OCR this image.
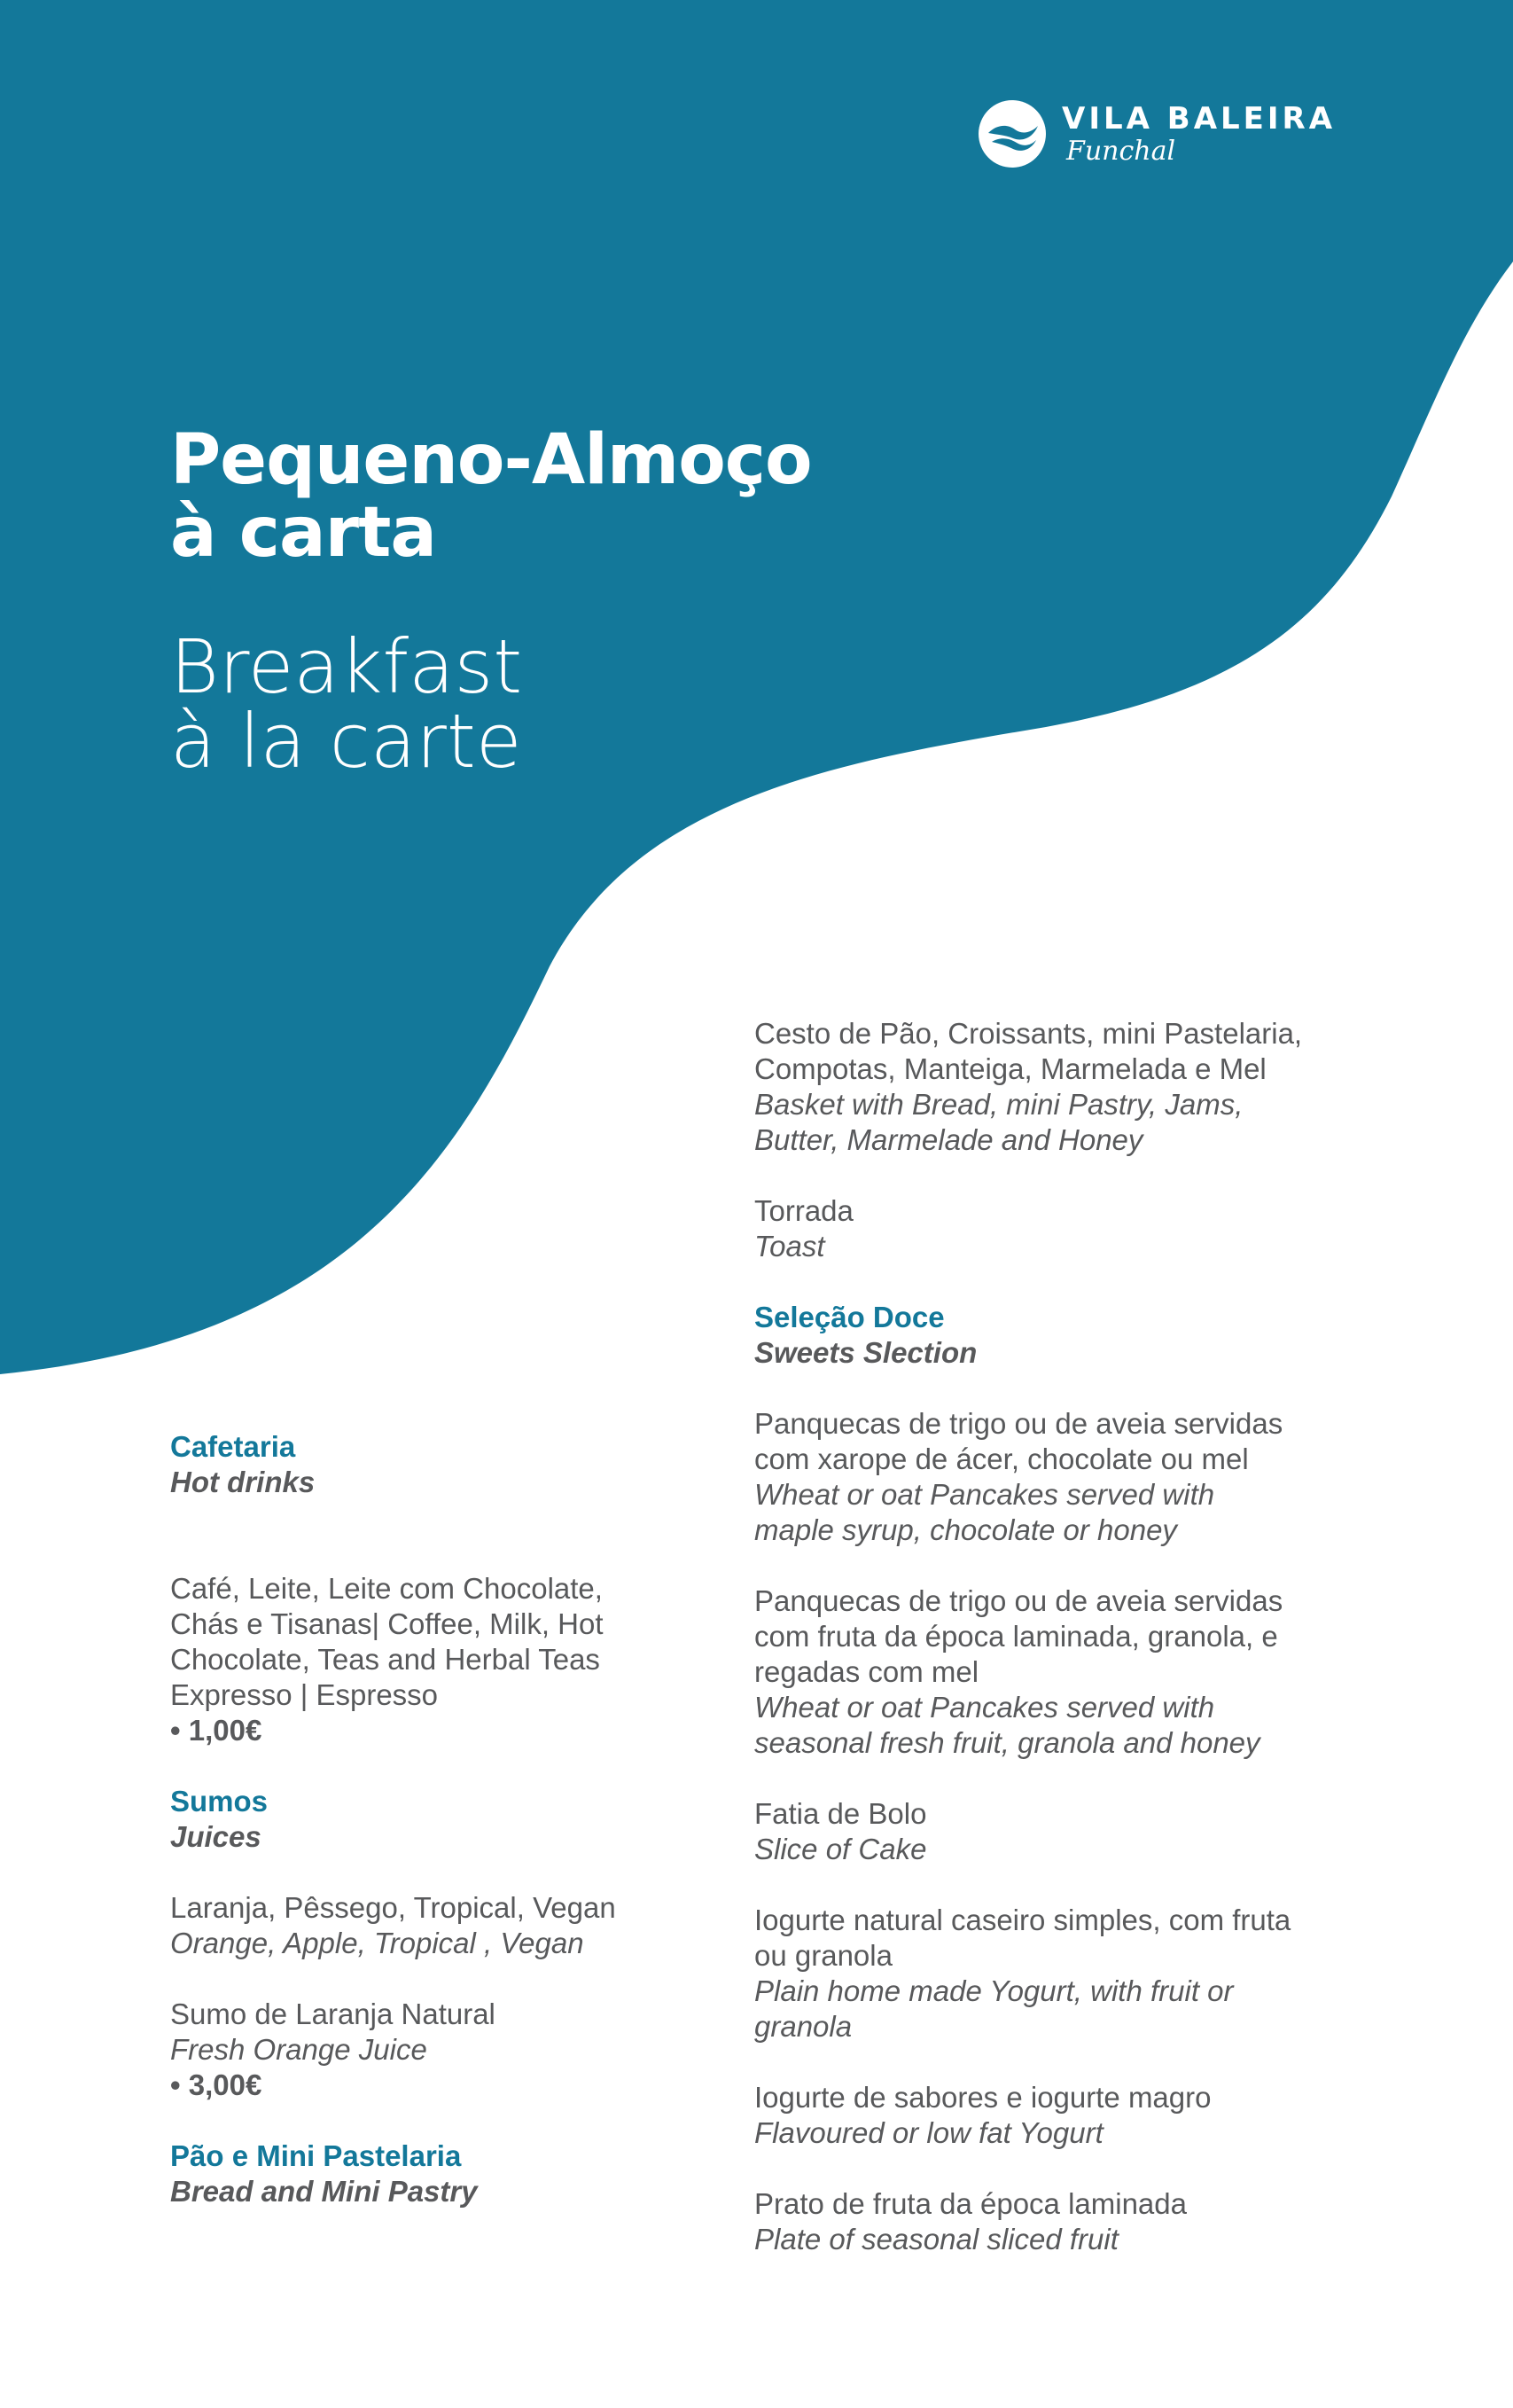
VILA BALEIRA
Funchal
Pequeno-Almoço
à carta
Breakfast
à la carte
Cafetaria
Hot drinks
Café, Leite, Leite com Chocolate,
Chás e Tisanas| Coffee, Milk, Hot
Chocolate, Teas and Herbal Teas
Expresso | Espresso
• 1,00€
Sumos
Juices
Laranja, Pêssego, Tropical, Vegan
Orange, Apple, Tropical , Vegan
Sumo de Laranja Natural
Fresh Orange Juice
• 3,00€
Pão e Mini Pastelaria
Bread and Mini Pastry
Cesto de Pão, Croissants, mini Pastelaria,
Compotas, Manteiga, Marmelada e Mel
Basket with Bread, mini Pastry, Jams,
Butter, Marmelade and Honey
Torrada
Toast
Seleção Doce
Sweets Slection
Panquecas de trigo ou de aveia servidas
com xarope de ácer, chocolate ou mel
Wheat or oat Pancakes served with
maple syrup, chocolate or honey
Panquecas de trigo ou de aveia servidas
com fruta da época laminada, granola, e
regadas com mel
Wheat or oat Pancakes served with
seasonal fresh fruit, granola and honey
Fatia de Bolo
Slice of Cake
Iogurte natural caseiro simples, com fruta
ou granola
Plain home made Yogurt, with fruit or
granola
Iogurte de sabores e iogurte magro
Flavoured or low fat Yogurt
Prato de fruta da época laminada
Plate of seasonal sliced fruit
